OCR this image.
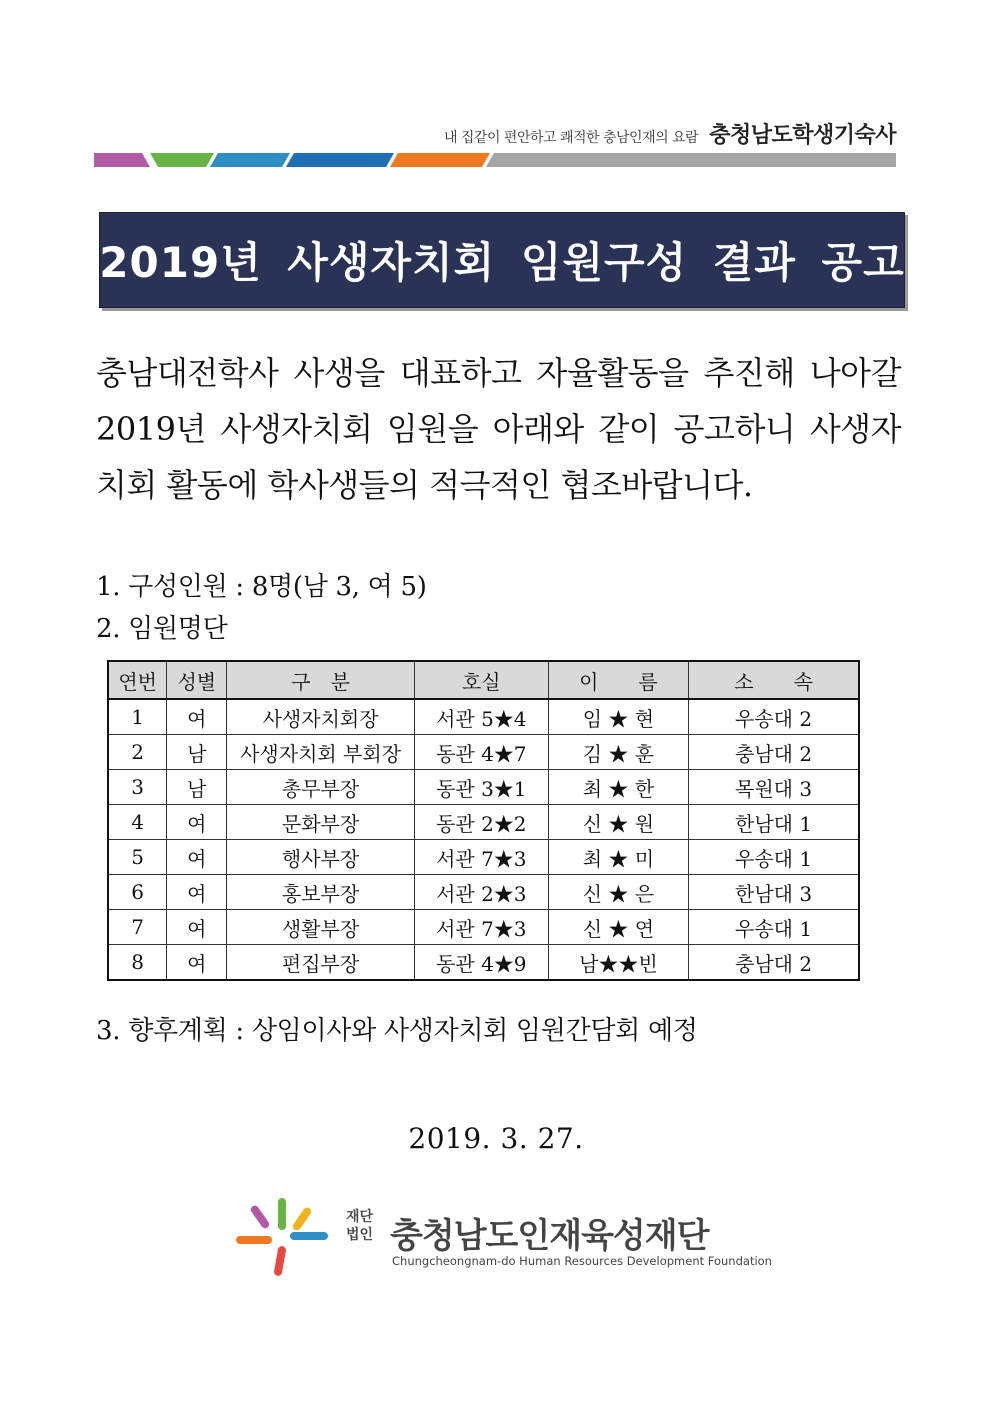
내 집같이 편안하고 쾌적한 충남인재의 요람 충청남도학생기숙사
2019년 사생자치회 임원구성 결과 공고
충남대전학사 사생을 대표하고 자율활동을 추진해 나아갈 2019년 사생자치회 임원을 아래와 같이 공고하니 사생자치회 활동에 학사생들의 적극적인 협조바랍니다.
1. 구성인원 : 8명(남 3, 여 5)
2. 임원명단
연번	성별	구　분	호실	이　　름	소　　속
1	여	사생자치회장	서관 5★4	임 ★ 현	우송대 2
2	남	사생자치회 부회장	동관 4★7	김 ★ 훈	충남대 2
3	남	총무부장	동관 3★1	최 ★ 한	목원대 3
4	여	문화부장	동관 2★2	신 ★ 원	한남대 1
5	여	행사부장	서관 7★3	최 ★ 미	우송대 1
6	여	홍보부장	서관 2★3	신 ★ 은	한남대 3
7	여	생활부장	서관 7★3	신 ★ 연	우송대 1
8	여	편집부장	동관 4★9	남★★빈	충남대 2
3. 향후계획 : 상임이사와 사생자치회 임원간담회 예정
2019. 3. 27.
재단
법인 충청남도인재육성재단
Chungcheongnam-do Human Resources Development Foundation
